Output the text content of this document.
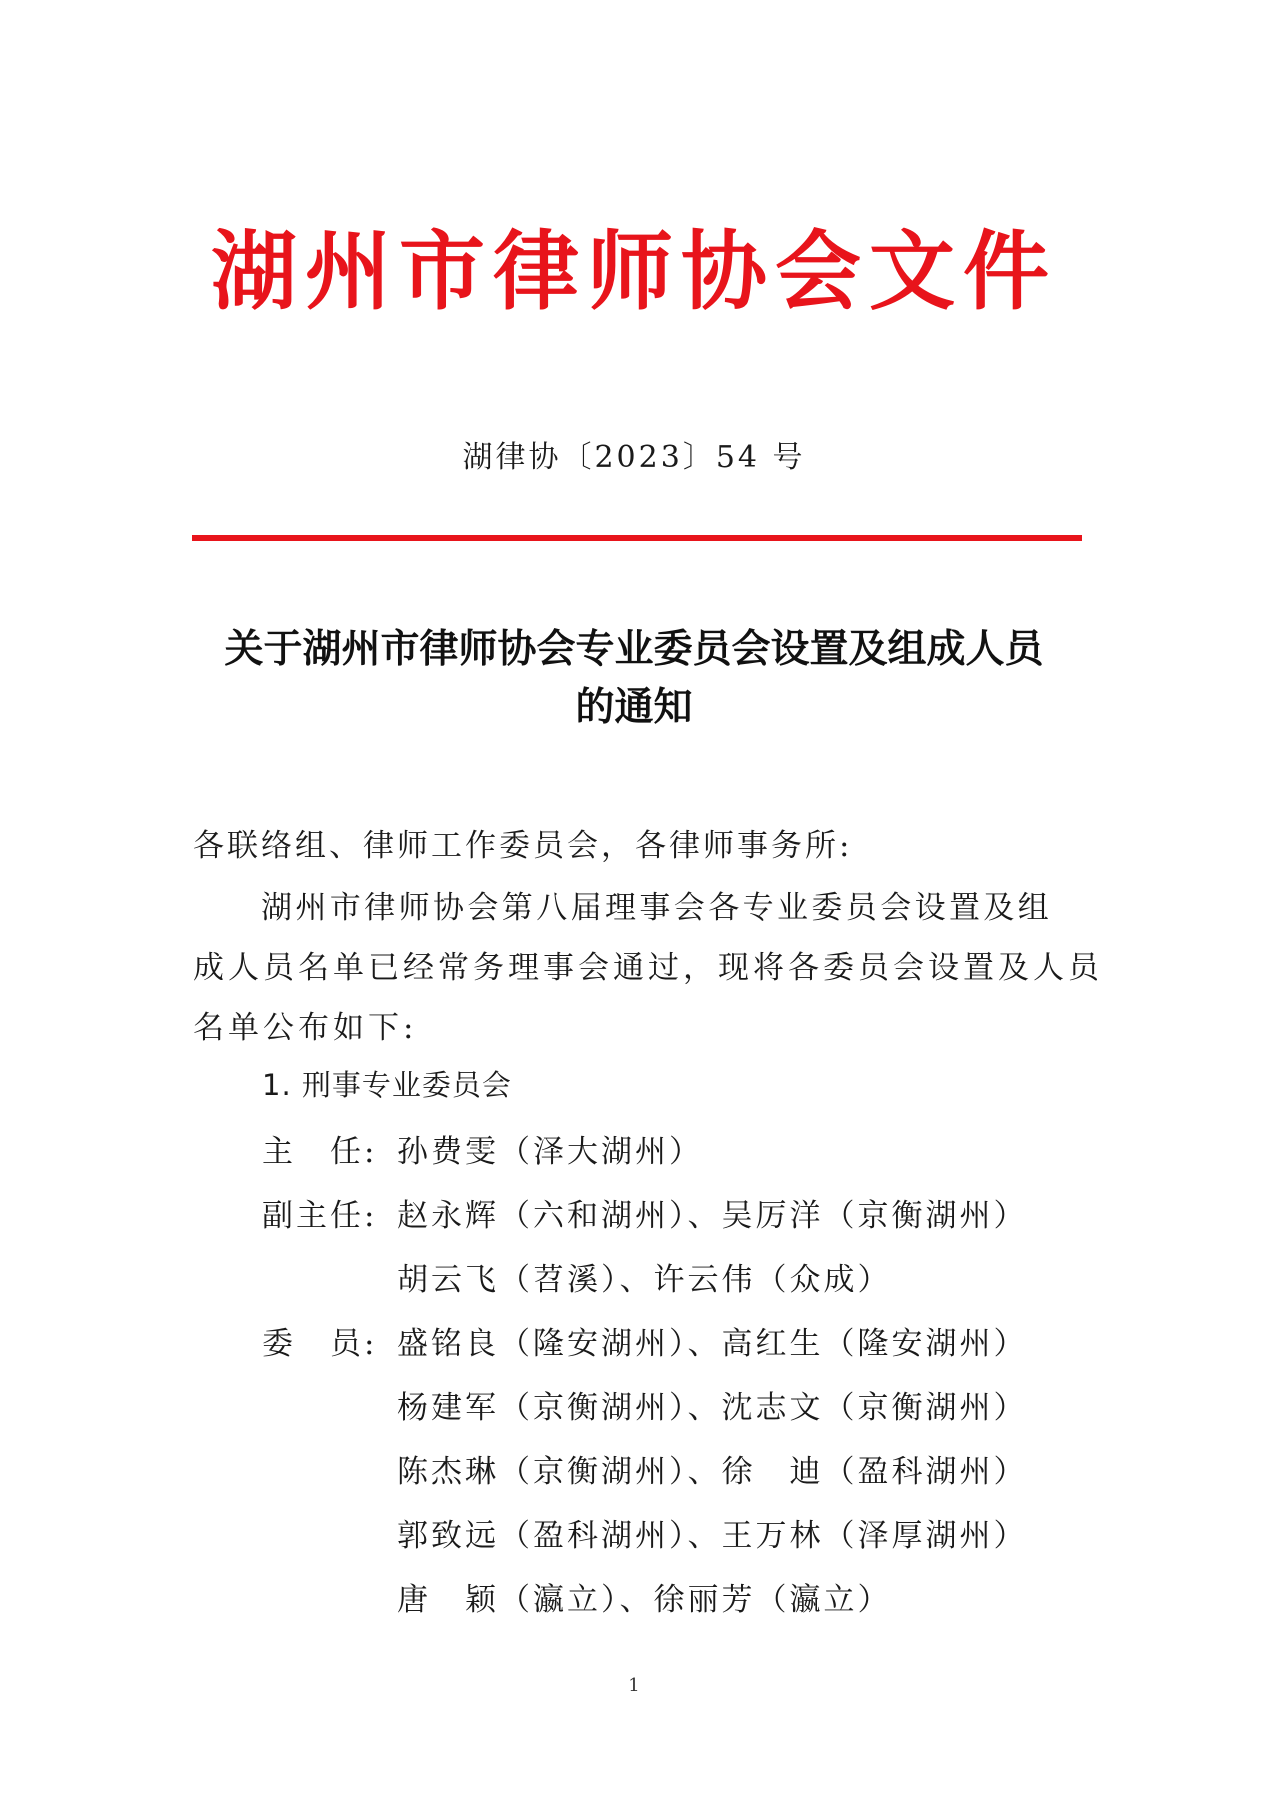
湖州市律师协会文件
湖律协〔2023〕54 号
关于湖州市律师协会专业委员会设置及组成人员
的通知
各联络组、律师工作委员会，各律师事务所:
湖州市律师协会第八届理事会各专业委员会设置及组
成人员名单已经常务理事会通过，现将各委员会设置及人员
名单公布如下:
1. 刑事专业委员会
主　任: 孙费雯（泽大湖州）
副主任: 赵永辉（六和湖州）、吴厉洋（京衡湖州）
胡云飞（苕溪）、许云伟（众成）
委　员: 盛铭良（隆安湖州）、高红生（隆安湖州）
杨建军（京衡湖州）、沈志文（京衡湖州）
陈杰琳（京衡湖州）、徐　迪（盈科湖州）
郭致远（盈科湖州）、王万林（泽厚湖州）
唐　颖（瀛立）、徐丽芳（瀛立）
1
